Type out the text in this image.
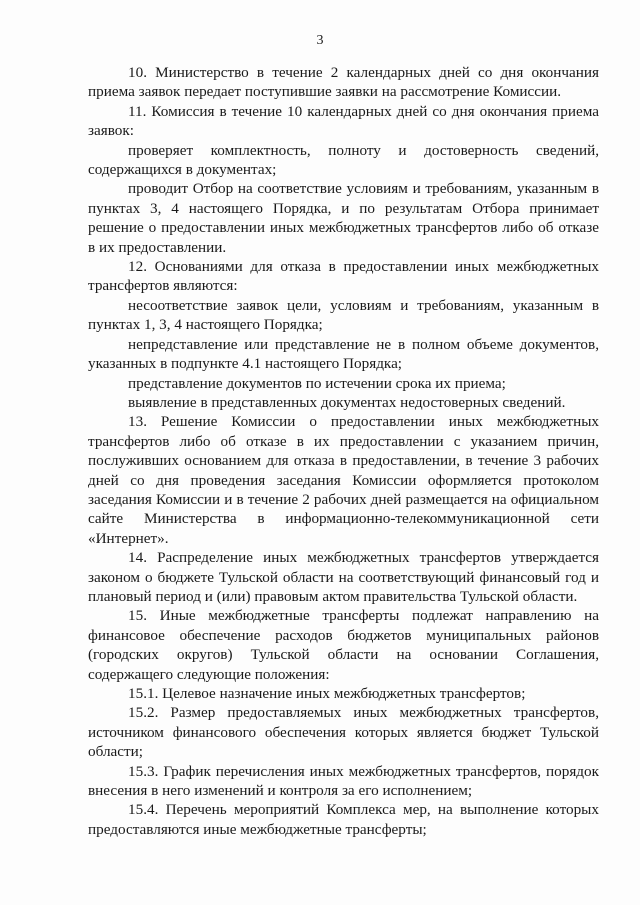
3

10. Министерство в течение 2 календарных дней со дня окончания приема заявок передает поступившие заявки на рассмотрение Комиссии.

11. Комиссия в течение 10 календарных дней со дня окончания приема заявок:

проверяет комплектность, полноту и достоверность сведений, содержащихся в документах;

проводит Отбор на соответствие условиям и требованиям, указанным в пунктах 3, 4 настоящего Порядка, и по результатам Отбора принимает решение о предоставлении иных межбюджетных трансфертов либо об отказе в их предоставлении.

12. Основаниями для отказа в предоставлении иных межбюджетных трансфертов являются:

несоответствие заявок цели, условиям и требованиям, указанным в пунктах 1, 3, 4 настоящего Порядка;

непредставление или представление не в полном объеме документов, указанных в подпункте 4.1 настоящего Порядка;

представление документов по истечении срока их приема;

выявление в представленных документах недостоверных сведений.

13. Решение Комиссии о предоставлении иных межбюджетных трансфертов либо об отказе в их предоставлении с указанием причин, послуживших основанием для отказа в предоставлении, в течение 3 рабочих дней со дня проведения заседания Комиссии оформляется протоколом заседания Комиссии и в течение 2 рабочих дней размещается на официальном сайте Министерства в информационно-телекоммуникационной сети «Интернет».

14. Распределение иных межбюджетных трансфертов утверждается законом о бюджете Тульской области на соответствующий финансовый год и плановый период и (или) правовым актом правительства Тульской области.

15. Иные межбюджетные трансферты подлежат направлению на финансовое обеспечение расходов бюджетов муниципальных районов (городских округов) Тульской области на основании Соглашения, содержащего следующие положения:

15.1. Целевое назначение иных межбюджетных трансфертов;

15.2. Размер предоставляемых иных межбюджетных трансфертов, источником финансового обеспечения которых является бюджет Тульской области;

15.3. График перечисления иных межбюджетных трансфертов, порядок внесения в него изменений и контроля за его исполнением;

15.4. Перечень мероприятий Комплекса мер, на выполнение которых предоставляются иные межбюджетные трансферты;
